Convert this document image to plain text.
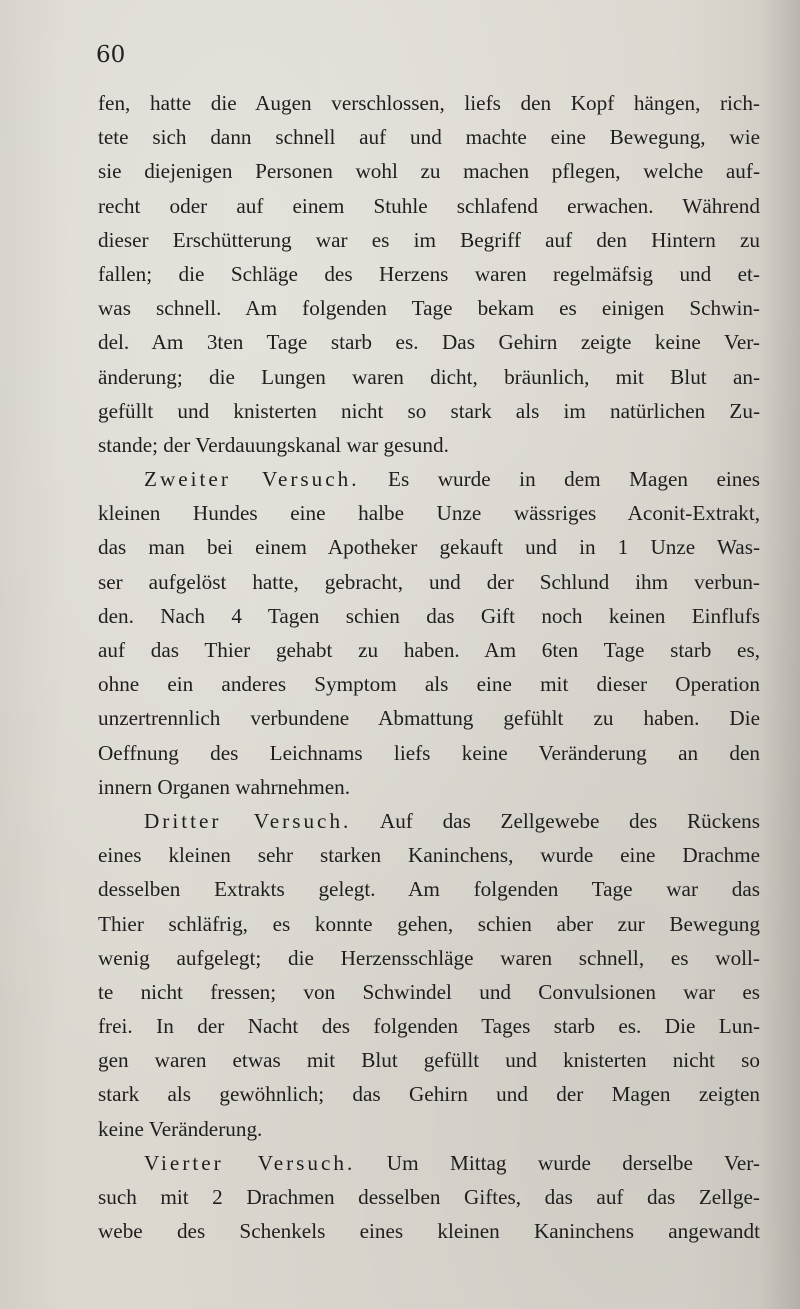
60
fen, hatte die Augen verschlossen, liefs den Kopf hängen, rich-
tete sich dann schnell auf und machte eine Bewegung, wie
sie diejenigen Personen wohl zu machen pflegen, welche auf-
recht oder auf einem Stuhle schlafend erwachen. Während
dieser Erschütterung war es im Begriff auf den Hintern zu
fallen; die Schläge des Herzens waren regelmäfsig und et-
was schnell. Am folgenden Tage bekam es einigen Schwin-
del. Am 3ten Tage starb es. Das Gehirn zeigte keine Ver-
änderung; die Lungen waren dicht, bräunlich, mit Blut an-
gefüllt und knisterten nicht so stark als im natürlichen Zu-
stande; der Verdauungskanal war gesund.
Zweiter Versuch. Es wurde in dem Magen eines
kleinen Hundes eine halbe Unze wässriges Aconit-Extrakt,
das man bei einem Apotheker gekauft und in 1 Unze Was-
ser aufgelöst hatte, gebracht, und der Schlund ihm verbun-
den. Nach 4 Tagen schien das Gift noch keinen Einflufs
auf das Thier gehabt zu haben. Am 6ten Tage starb es,
ohne ein anderes Symptom als eine mit dieser Operation
unzertrennlich verbundene Abmattung gefühlt zu haben. Die
Oeffnung des Leichnams liefs keine Veränderung an den
innern Organen wahrnehmen.
Dritter Versuch. Auf das Zellgewebe des Rückens
eines kleinen sehr starken Kaninchens, wurde eine Drachme
desselben Extrakts gelegt. Am folgenden Tage war das
Thier schläfrig, es konnte gehen, schien aber zur Bewegung
wenig aufgelegt; die Herzensschläge waren schnell, es woll-
te nicht fressen; von Schwindel und Convulsionen war es
frei. In der Nacht des folgenden Tages starb es. Die Lun-
gen waren etwas mit Blut gefüllt und knisterten nicht so
stark als gewöhnlich; das Gehirn und der Magen zeigten
keine Veränderung.
Vierter Versuch. Um Mittag wurde derselbe Ver-
such mit 2 Drachmen desselben Giftes, das auf das Zellge-
webe des Schenkels eines kleinen Kaninchens angewandt
